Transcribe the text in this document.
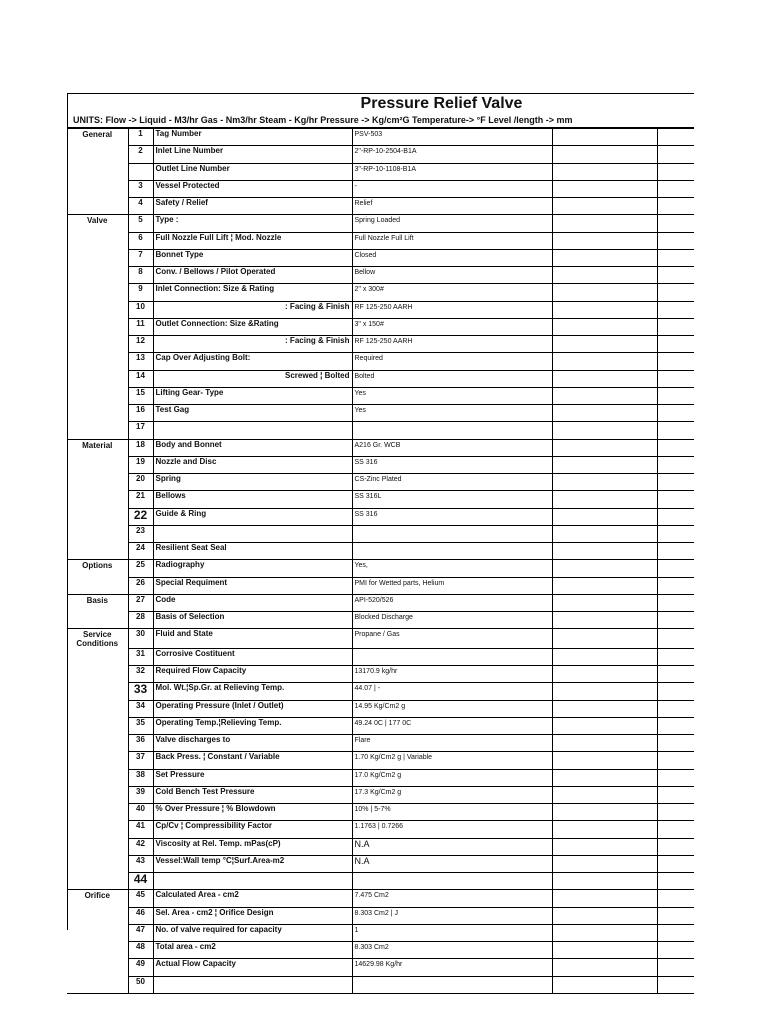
Pressure Relief Valve
UNITS: Flow -> Liquid - M3/hr Gas - Nm3/hr Steam - Kg/hr Pressure -> Kg/cm²G Temperature-> °F Level /length -> mm
General	1	Tag Number	PSV-503		
	2	Inlet Line Number	2"-RP-10-2504-B1A		
		Outlet Line Number	3"-RP-10-1108-B1A		
	3	Vessel Protected	-		
	4	Safety / Relief	Relief		
Valve	5	Type :	Spring Loaded		
	6	Full Nozzle Full Lift ¦ Mod. Nozzle	Full Nozzle Full Lift		
	7	Bonnet Type	Closed		
	8	Conv. / Bellows / Pilot Operated	Bellow		
	9	Inlet Connection: Size & Rating	2" x 300#		
	10	: Facing & Finish	RF 125-250 AARH		
	11	Outlet Connection: Size &Rating	3" x 150#		
	12	: Facing & Finish	RF 125-250 AARH		
	13	Cap Over Adjusting Bolt:	Required		
	14	Screwed ¦ Bolted	Bolted		
	15	Lifting Gear- Type	Yes		
	16	Test Gag	Yes		
	17				
Material	18	Body and Bonnet	A216 Gr. WCB		
	19	Nozzle and Disc	SS 316		
	20	Spring	CS-Zinc Plated		
	21	Bellows	SS 316L		
	22	Guide & Ring	SS 316		
	23				
	24	Resilient Seat Seal			
Options	25	Radiography	Yes,		
	26	Special Requiment	PMI for Wetted parts, Helium		
Basis	27	Code	API-520/526		
	28	Basis of Selection	Blocked Discharge		
Service Conditions	30	Fluid and State	Propane / Gas		
	31	Corrosive Costituent			
	32	Required Flow Capacity	13170.9 kg/hr		
	33	Mol. Wt.¦Sp.Gr. at Relieving Temp.	44.07 | -		
	34	Operating Pressure (Inlet / Outlet)	14.95 Kg/Cm2 g		
	35	Operating Temp.¦Relieving Temp.	49.24 0C | 177 0C		
	36	Valve discharges to	Flare		
	37	Back Press. ¦ Constant / Variable	1.70 Kg/Cm2 g | Variable		
	38	Set Pressure	17.0 Kg/Cm2 g		
	39	Cold Bench Test Pressure	17.3 Kg/Cm2 g		
	40	% Over Pressure ¦ % Blowdown	10% | 5-7%		
	41	Cp/Cv ¦ Compressibility Factor	1.1763 | 0.7266		
	42	Viscosity at Rel. Temp. mPas(cP)	N.A		
	43	Vessel:Wall temp °C¦Surf.Area-m2	N.A		
	44				
Orifice	45	Calculated Area - cm2	7.475 Cm2		
	46	Sel. Area - cm2 ¦ Orifice Design	8.303 Cm2 | J		
	47	No. of valve required for capacity	1		
	48	Total area - cm2	8.303 Cm2		
	49	Actual Flow Capacity	14629.98 Kg/hr		
	50				
